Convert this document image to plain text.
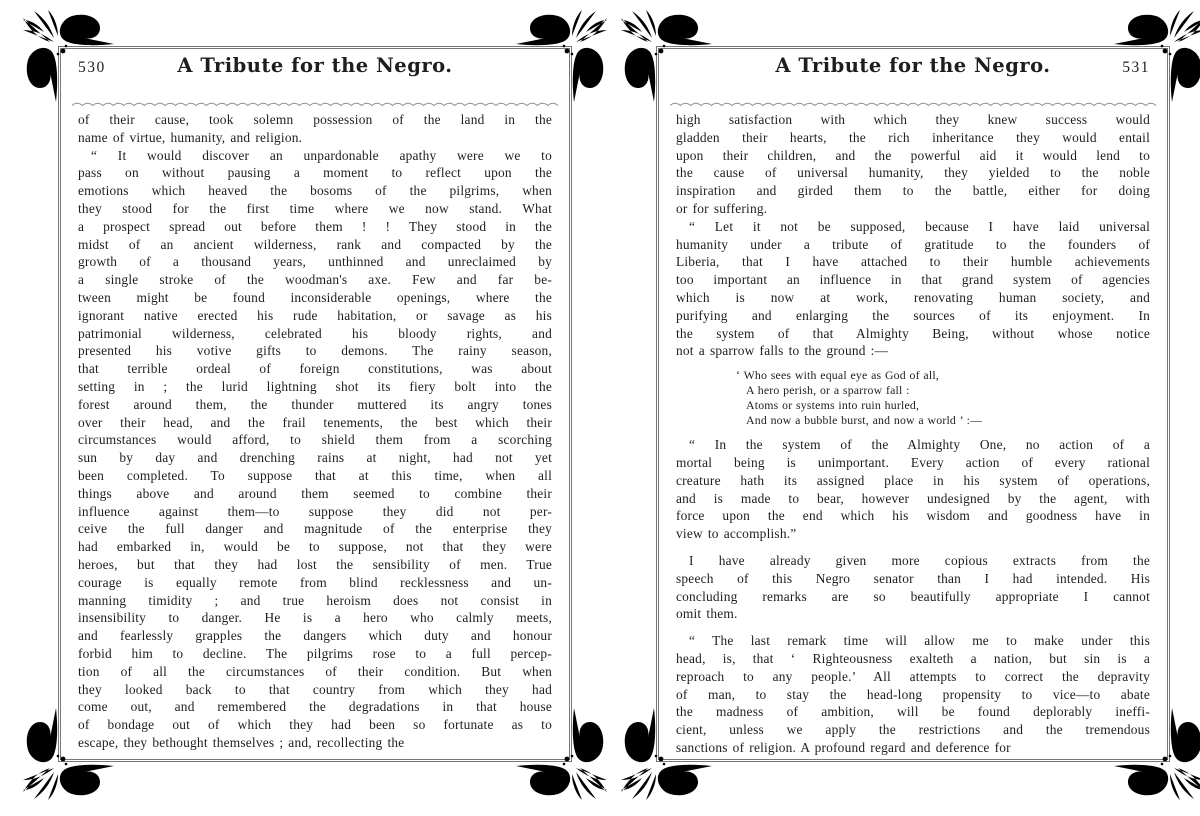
530	A Tribute for the Negro.
of their cause, took solemn possession of the land in the
name of virtue, humanity, and religion.
“ It would discover an unpardonable apathy were we to
pass on without pausing a moment to reflect upon the
emotions which heaved the bosoms of the pilgrims, when
they stood for the first time where we now stand. What
a prospect spread out before them ! ! They stood in the
midst of an ancient wilderness, rank and compacted by the
growth of a thousand years, unthinned and unreclaimed by
a single stroke of the woodman's axe. Few and far be-
tween might be found inconsiderable openings, where the
ignorant native erected his rude habitation, or savage as his
patrimonial wilderness, celebrated his bloody rights, and
presented his votive gifts to demons. The rainy season,
that terrible ordeal of foreign constitutions, was about
setting in ; the lurid lightning shot its fiery bolt into the
forest around them, the thunder muttered its angry tones
over their head, and the frail tenements, the best which their
circumstances would afford, to shield them from a scorching
sun by day and drenching rains at night, had not yet
been completed. To suppose that at this time, when all
things above and around them seemed to combine their
influence against them—to suppose they did not per-
ceive the full danger and magnitude of the enterprise they
had embarked in, would be to suppose, not that they were
heroes, but that they had lost the sensibility of men. True
courage is equally remote from blind recklessness and un-
manning timidity ; and true heroism does not consist in
insensibility to danger. He is a hero who calmly meets,
and fearlessly grapples the dangers which duty and honour
forbid him to decline. The pilgrims rose to a full percep-
tion of all the circumstances of their condition. But when
they looked back to that country from which they had
come out, and remembered the degradations in that house
of bondage out of which they had been so fortunate as to
escape, they bethought themselves ; and, recollecting the
A Tribute for the Negro.	531
high satisfaction with which they knew success would
gladden their hearts, the rich inheritance they would entail
upon their children, and the powerful aid it would lend to
the cause of universal humanity, they yielded to the noble
inspiration and girded them to the battle, either for doing
or for suffering.
“ Let it not be supposed, because I have laid universal
humanity under a tribute of gratitude to the founders of
Liberia, that I have attached to their humble achievements
too important an influence in that grand system of agencies
which is now at work, renovating human society, and
purifying and enlarging the sources of its enjoyment. In
the system of that Almighty Being, without whose notice
not a sparrow falls to the ground :—
‘ Who sees with equal eye as God of all,
A hero perish, or a sparrow fall :
Atoms or systems into ruin hurled,
And now a bubble burst, and now a world ’ :—
“ In the system of the Almighty One, no action of a
mortal being is unimportant. Every action of every rational
creature hath its assigned place in his system of operations,
and is made to bear, however undesigned by the agent, with
force upon the end which his wisdom and goodness have in
view to accomplish.”
I have already given more copious extracts from the
speech of this Negro senator than I had intended. His
concluding remarks are so beautifully appropriate I cannot
omit them.
“ The last remark time will allow me to make under this
head, is, that ‘ Righteousness exalteth a nation, but sin is a
reproach to any people.’ All attempts to correct the depravity
of man, to stay the head-long propensity to vice—to abate
the madness of ambition, will be found deplorably ineffi-
cient, unless we apply the restrictions and the tremendous
sanctions of religion. A profound regard and deference for
